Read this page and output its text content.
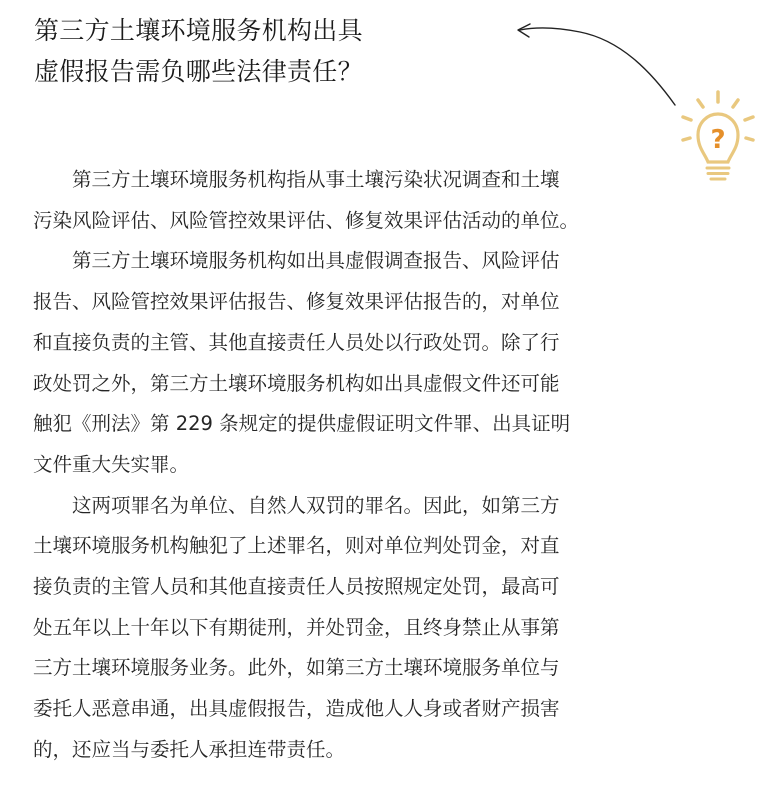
第三方土壤环境服务机构出具
虚假报告需负哪些法律责任？
?

　　第三方土壤环境服务机构指从事土壤污染状况调查和土壤
污染风险评估、风险管控效果评估、修复效果评估活动的单位。

　　第三方土壤环境服务机构如出具虚假调查报告、风险评估
报告、风险管控效果评估报告、修复效果评估报告的，对单位
和直接负责的主管、其他直接责任人员处以行政处罚。除了行
政处罚之外，第三方土壤环境服务机构如出具虚假文件还可能
触犯《刑法》第 229 条规定的提供虚假证明文件罪、出具证明
文件重大失实罪。

　　这两项罪名为单位、自然人双罚的罪名。因此，如第三方
土壤环境服务机构触犯了上述罪名，则对单位判处罚金，对直
接负责的主管人员和其他直接责任人员按照规定处罚，最高可
处五年以上十年以下有期徒刑，并处罚金，且终身禁止从事第
三方土壤环境服务业务。此外，如第三方土壤环境服务单位与
委托人恶意串通，出具虚假报告，造成他人人身或者财产损害
的，还应当与委托人承担连带责任。
